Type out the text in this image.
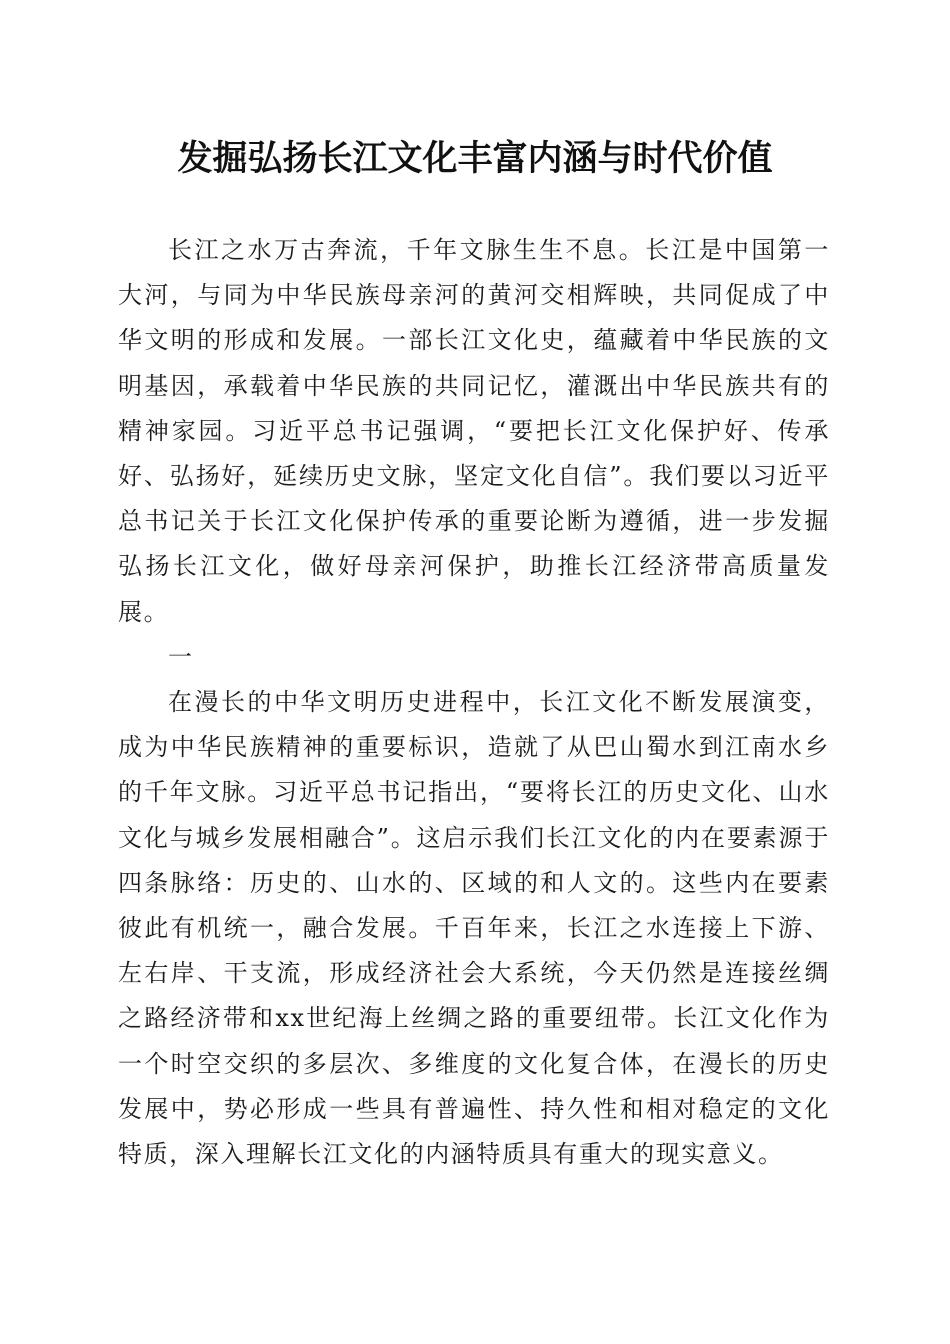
发掘弘扬长江文化丰富内涵与时代价值

长江之水万古奔流，千年文脉生生不息。长江是中国第一大河，与同为中华民族母亲河的黄河交相辉映，共同促成了中华文明的形成和发展。一部长江文化史，蕴藏着中华民族的文明基因，承载着中华民族的共同记忆，灌溉出中华民族共有的精神家园。习近平总书记强调，“要把长江文化保护好、传承好、弘扬好，延续历史文脉，坚定文化自信”。我们要以习近平总书记关于长江文化保护传承的重要论断为遵循，进一步发掘弘扬长江文化，做好母亲河保护，助推长江经济带高质量发展。

一

在漫长的中华文明历史进程中，长江文化不断发展演变，成为中华民族精神的重要标识，造就了从巴山蜀水到江南水乡的千年文脉。习近平总书记指出，“要将长江的历史文化、山水文化与城乡发展相融合”。这启示我们长江文化的内在要素源于四条脉络：历史的、山水的、区域的和人文的。这些内在要素彼此有机统一，融合发展。千百年来，长江之水连接上下游、左右岸、干支流，形成经济社会大系统，今天仍然是连接丝绸之路经济带和xx世纪海上丝绸之路的重要纽带。长江文化作为一个时空交织的多层次、多维度的文化复合体，在漫长的历史发展中，势必形成一些具有普遍性、持久性和相对稳定的文化特质，深入理解长江文化的内涵特质具有重大的现实意义。
